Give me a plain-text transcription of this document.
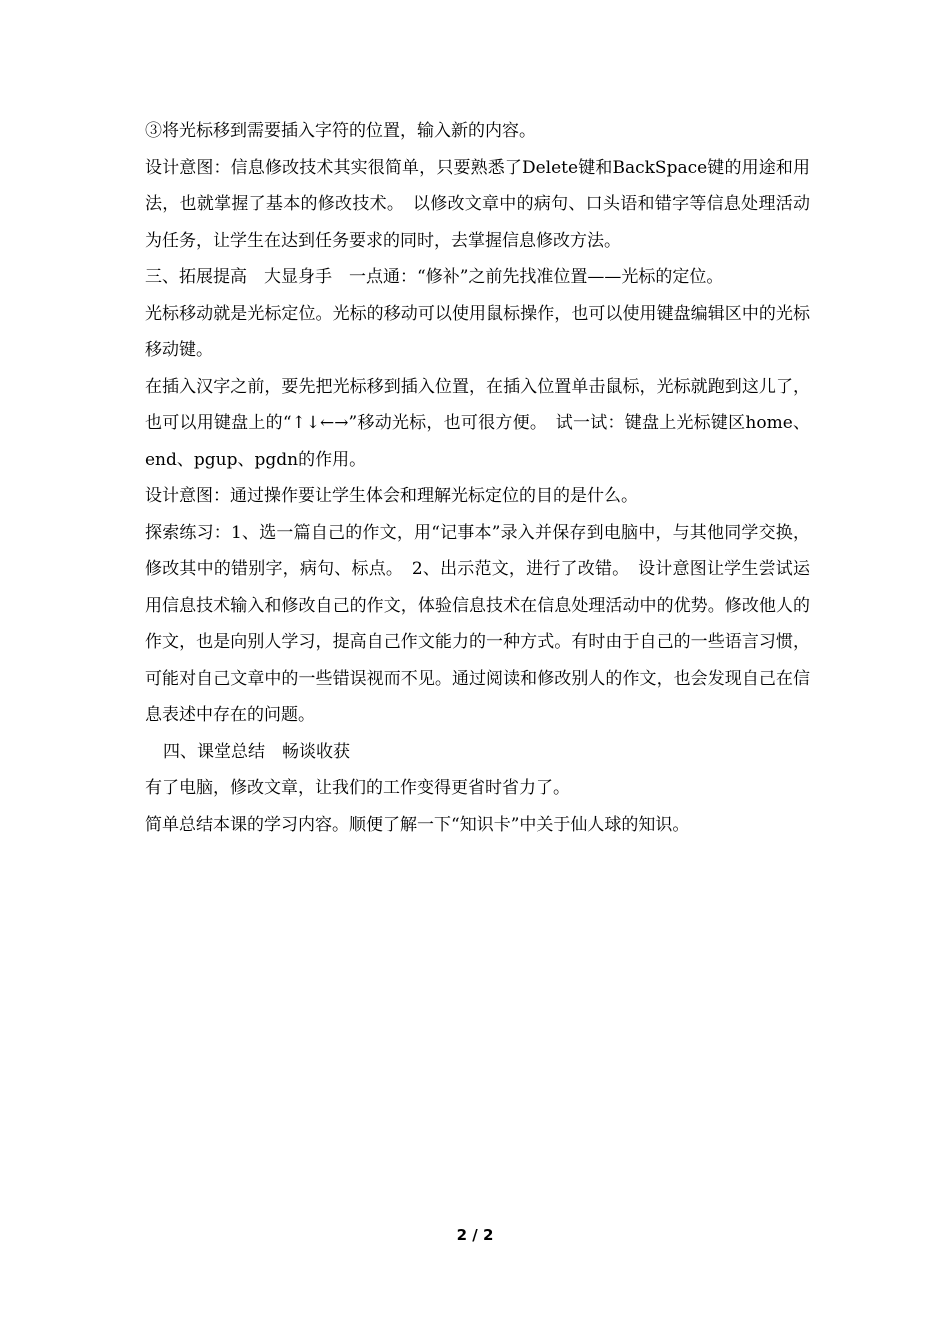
③将光标移到需要插入字符的位置，输入新的内容。

设计意图：信息修改技术其实很简单，只要熟悉了Delete键和BackSpace键的用途和用法，也就掌握了基本的修改技术。　以修改文章中的病句、口头语和错字等信息处理活动为任务，让学生在达到任务要求的同时，去掌握信息修改方法。

三、拓展提高　大显身手　一点通：“修补”之前先找准位置——光标的定位。

光标移动就是光标定位。光标的移动可以使用鼠标操作，也可以使用键盘编辑区中的光标移动键。

在插入汉字之前，要先把光标移到插入位置，在插入位置单击鼠标，光标就跑到这儿了，也可以用键盘上的“↑↓←→”移动光标，也可很方便。　试一试：键盘上光标键区home、end、pgup、pgdn的作用。

设计意图：通过操作要让学生体会和理解光标定位的目的是什么。

探索练习：1、选一篇自己的作文，用“记事本”录入并保存到电脑中，与其他同学交换，修改其中的错别字，病句、标点。　2、出示范文，进行了改错。　设计意图让学生尝试运用信息技术输入和修改自己的作文，体验信息技术在信息处理活动中的优势。修改他人的作文，也是向别人学习，提高自己作文能力的一种方式。有时由于自己的一些语言习惯，可能对自己文章中的一些错误视而不见。通过阅读和修改别人的作文，也会发现自己在信息表述中存在的问题。

四、课堂总结　畅谈收获

有了电脑，修改文章，让我们的工作变得更省时省力了。

简单总结本课的学习内容。顺便了解一下“知识卡”中关于仙人球的知识。

2 / 2
